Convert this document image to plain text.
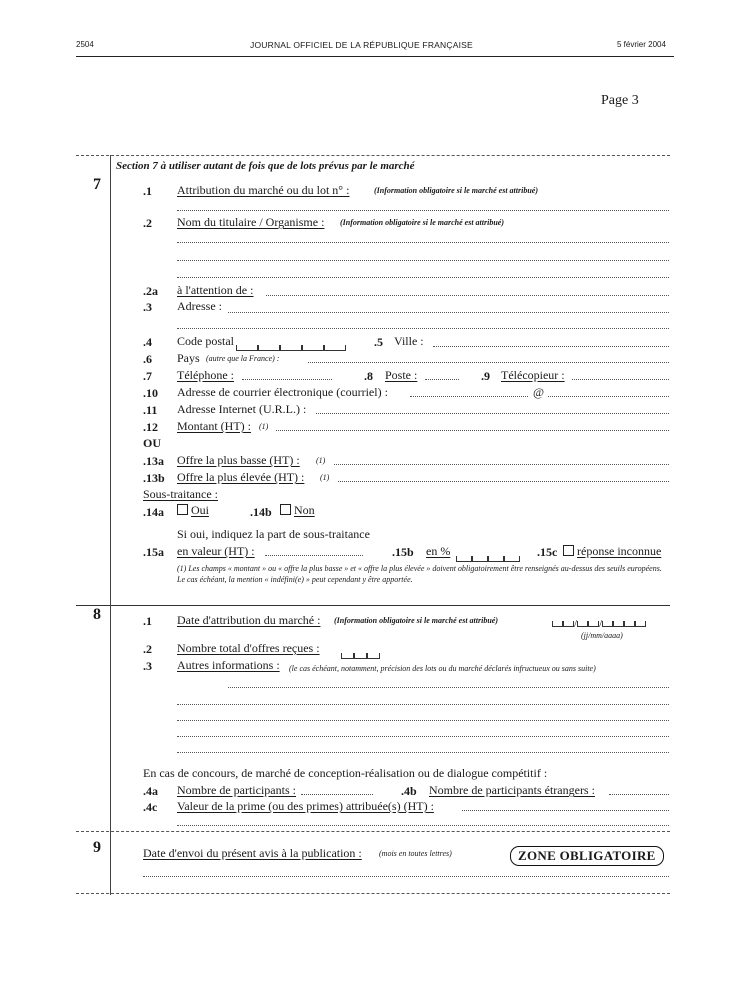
2504	JOURNAL OFFICIEL DE LA RÉPUBLIQUE FRANÇAISE	5 février 2004
Page 3
Section 7 à utiliser autant de fois que de lots prévus par le marché
7	.1 Attribution du marché ou du lot n° :	(Information obligatoire si le marché est attribué)
.2 Nom du titulaire / Organisme : (Information obligatoire si le marché est attribué)
.2a à l'attention de :
.3 Adresse :
.4 Code postal	.5 Ville :
.6 Pays (autre que la France) :
.7 Téléphone :	.8 Poste :	.9 Télécopieur :
.10 Adresse de courrier électronique (courriel) :	@
.11 Adresse Internet (U.R.L.) :
.12 Montant (HT) : (1)
OU
.13a Offre la plus basse (HT) : (1)
.13b Offre la plus élevée (HT) : (1)
Sous-traitance :
.14a	Oui	.14b	Non
Si oui, indiquez la part de sous-traitance
.15a en valeur (HT) :	.15b en %	.15c	réponse inconnue
(1) Les champs « montant » ou « offre la plus basse » et « offre la plus élevée » doivent obligatoirement être renseignés au-dessus des seuils européens. Le cas échéant, la mention « indéfini(e) » peut cependant y être apportée.
8	.1 Date d'attribution du marché : (Information obligatoire si le marché est attribué)	/ /
(jj/mm/aaaa)
.2 Nombre total d'offres reçues :
.3 Autres informations :	(le cas échéant, notamment, précision des lots ou du marché déclarés infructueux ou sans suite)
En cas de concours, de marché de conception-réalisation ou de dialogue compétitif :
.4a Nombre de participants :	.4b Nombre de participants étrangers :
.4c Valeur de la prime (ou des primes) attribuée(s) (HT) :
9	Date d'envoi du présent avis à la publication : (mois en toutes lettres)	ZONE OBLIGATOIRE
